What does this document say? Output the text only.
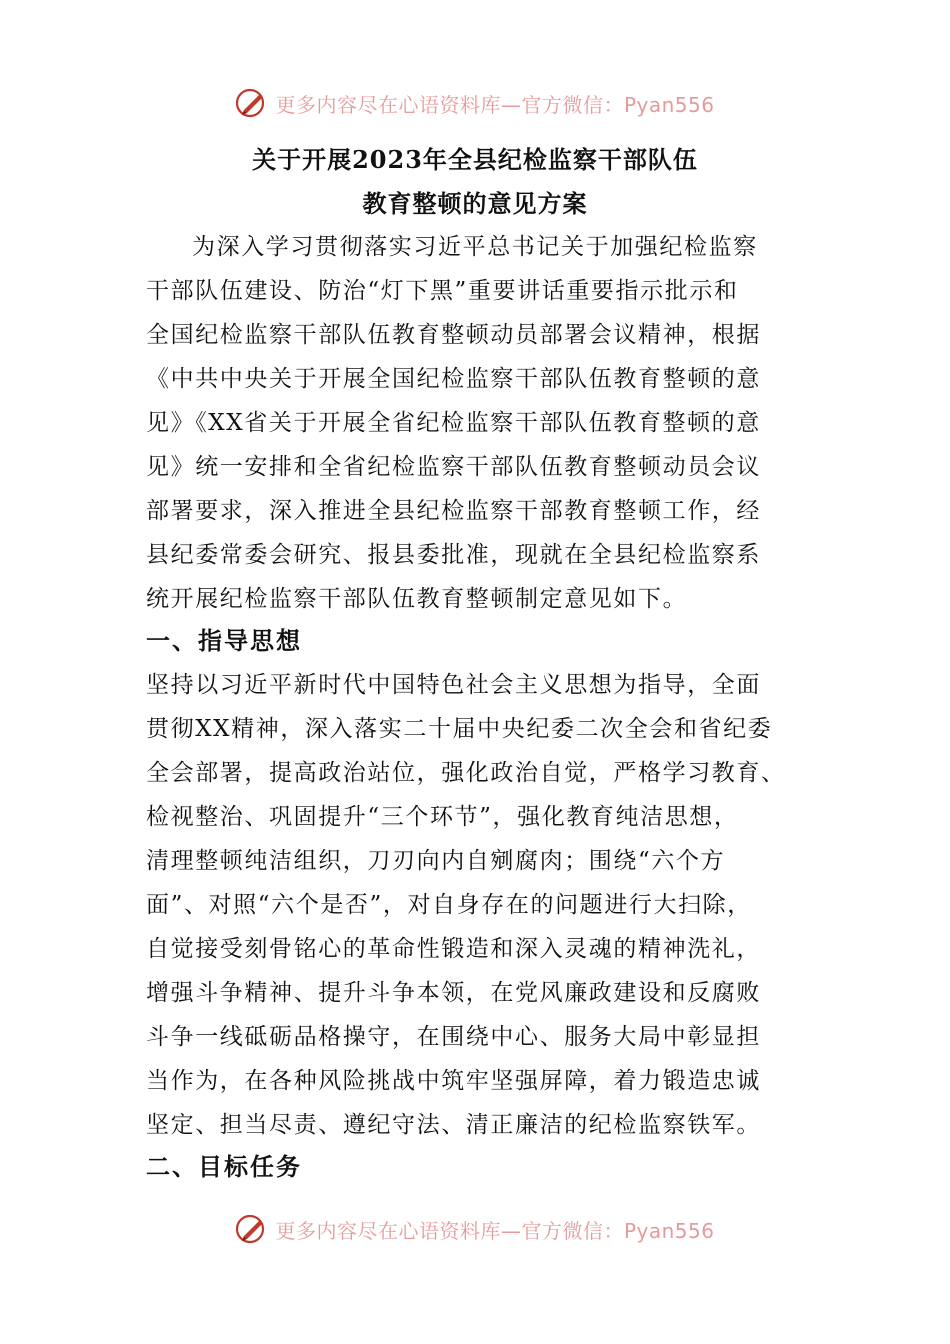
更多内容尽在心语资料库—官方微信：Pyan556
关于开展2023年全县纪检监察干部队伍
教育整顿的意见方案
为深入学习贯彻落实习近平总书记关于加强纪检监察
干部队伍建设、防治“灯下黑”重要讲话重要指示批示和
全国纪检监察干部队伍教育整顿动员部署会议精神，根据
《中共中央关于开展全国纪检监察干部队伍教育整顿的意
见》《XX省关于开展全省纪检监察干部队伍教育整顿的意
见》统一安排和全省纪检监察干部队伍教育整顿动员会议
部署要求，深入推进全县纪检监察干部教育整顿工作，经
县纪委常委会研究、报县委批准，现就在全县纪检监察系
统开展纪检监察干部队伍教育整顿制定意见如下。
一、指导思想
坚持以习近平新时代中国特色社会主义思想为指导，全面
贯彻XX精神，深入落实二十届中央纪委二次全会和省纪委
全会部署，提高政治站位，强化政治自觉，严格学习教育、
检视整治、巩固提升“三个环节”，强化教育纯洁思想，
清理整顿纯洁组织，刀刃向内自剜腐肉；围绕“六个方
面”、对照“六个是否”，对自身存在的问题进行大扫除，
自觉接受刻骨铭心的革命性锻造和深入灵魂的精神洗礼，
增强斗争精神、提升斗争本领，在党风廉政建设和反腐败
斗争一线砥砺品格操守，在围绕中心、服务大局中彰显担
当作为，在各种风险挑战中筑牢坚强屏障，着力锻造忠诚
坚定、担当尽责、遵纪守法、清正廉洁的纪检监察铁军。
二、目标任务
更多内容尽在心语资料库—官方微信：Pyan556
